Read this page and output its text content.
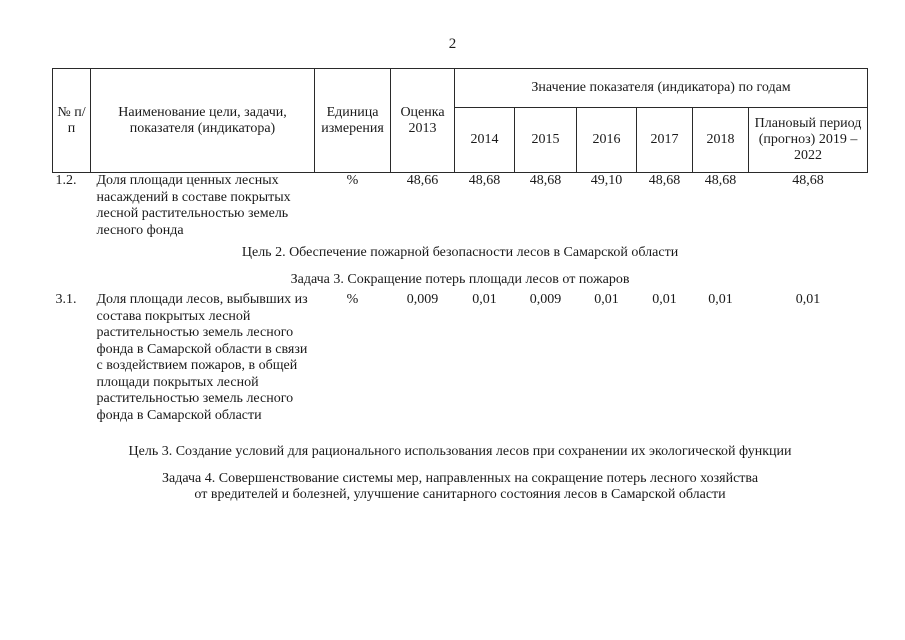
2
№ п/п	Наименование цели, задачи, показателя (индикатора)	Единица измерения	Оценка 2013	Значение показателя (индикатора) по годам					
				2014	2015	2016	2017	2018	Плановый период (прогноз) 2019 – 2022
1.2.	Доля площади ценных лесных насаждений в составе покрытых лесной растительностью земель лесного фонда	%	48,66	48,68	48,68	49,10	48,68	48,68	48,68
Цель 2. Обеспечение пожарной безопасности лесов в Самарской области									
Задача 3. Сокращение потерь площади лесов от пожаров									
3.1.	Доля площади лесов, выбывших из состава покрытых лесной растительностью земель лесного фонда в Самарской области в связи с воздействием пожаров, в общей площади покрытых лесной растительностью земель лесного фонда в Самарской области	%	0,009	0,01	0,009	0,01	0,01	0,01	0,01

Цель 3. Создание условий для рационального использования лесов при сохранении их экологической функции									
Задача 4. Совершенствование системы мер, направленных на сокращение потерь лесного хозяйства									
от вредителей и болезней, улучшение санитарного состояния лесов в Самарской области									
